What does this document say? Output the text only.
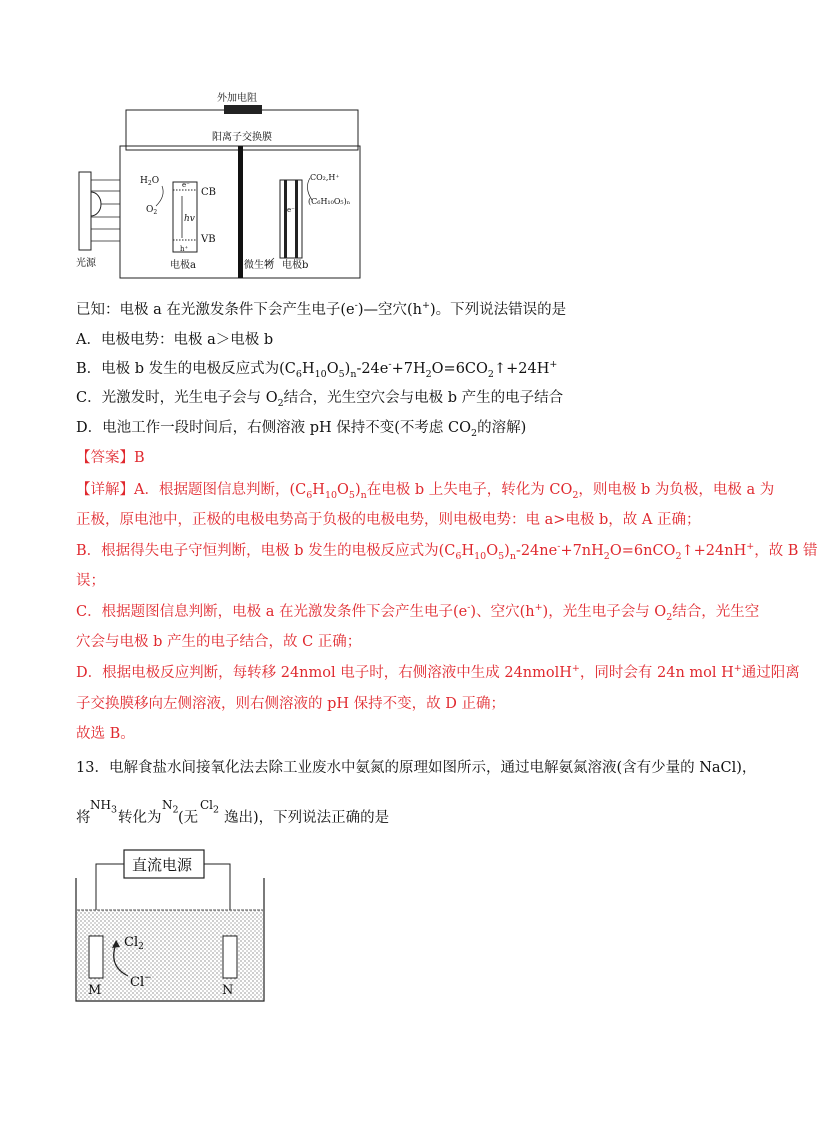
外加电阻
阳离子交换膜
光源
CB
VB
hv
e⁻
h⁺
$H_2O$
$O_2$
电极a
e⁻
CO₂,H⁺
(C₆H₁₀O₅)ₙ
微生物 电极b
已知：电极 a 在光激发条件下会产生电子(e-)—空穴(h+)。下列说法错误的是
A．电极电势：电极 a＞电极 b
B．电极 b 发生的电极反应式为$(C_6H_{10}O_5)_n-24e^-+7H_2O=6CO_2↑+24H^+$
C．光激发时，光生电子会与 $O_2$结合，光生空穴会与电极 b 产生的电子结合
D．电池工作一段时间后，右侧溶液 pH 保持不变(不考虑 $CO_2$的溶解)
【答案】B
【详解】A．根据题图信息判断，$(C_6H_{10}O_5)_n$在电极 b 上失电子，转化为 $CO_2$，则电极 b 为负极，电极 a 为
正极，原电池中，正极的电极电势高于负极的电极电势，则电极电势：电 a>电极 b，故 A 正确；
B．根据得失电子守恒判断，电极 b 发生的电极反应式为$(C_6H_{10}O_5)_n-24ne^-+7nH_2O=6nCO_2↑+24nH^+$，故 B 错
误；
C．根据题图信息判断，电极 a 在光激发条件下会产生电子(e-)、空穴(h+)，光生电子会与 $O_2$结合，光生空
穴会与电极 b 产生的电子结合，故 C 正确；
D．根据电极反应判断，每转移 24nmol 电子时，右侧溶液中生成 24nmolH+，同时会有 24n mol H+通过阳离
子交换膜移向左侧溶液，则右侧溶液的 pH 保持不变，故 D 正确；
故选 B。
13．电解食盐水间接氧化法去除工业废水中氨氮的原理如图所示，通过电解氨氮溶液(含有少量的 NaCl)，
将
$NH_3$
转化为
$N_2$
(无
$Cl_2$
逸出)，下列说法正确的是
直流电源
$Cl_2$
Cl−
M	N
